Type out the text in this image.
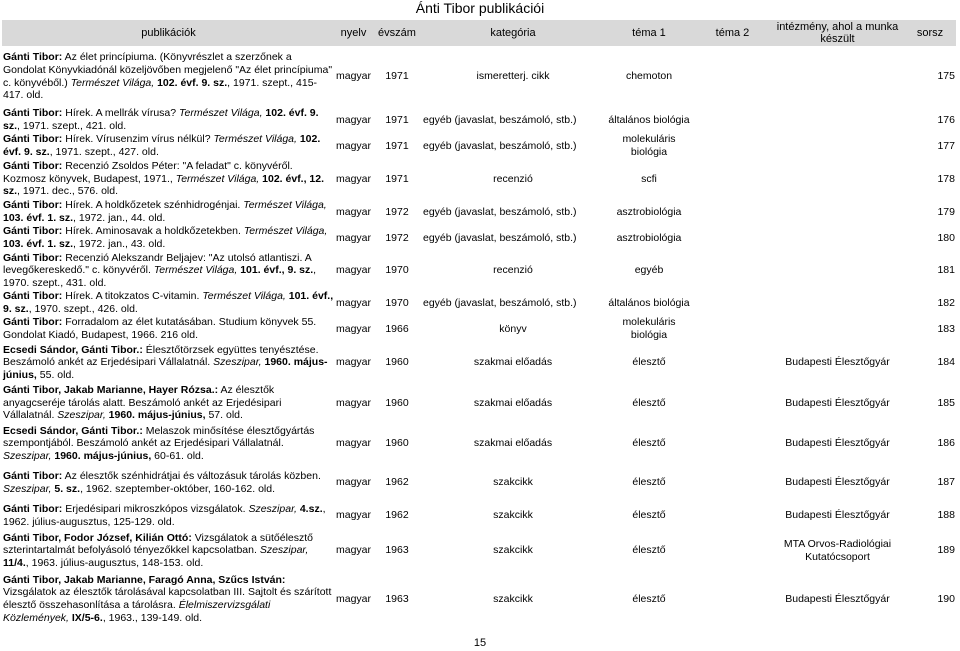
Ánti Tibor publikációi
publikációk	nyelv	évszám	kategória	téma 1	téma 2	intézmény, ahol a munka készült	sorsz
Gánti Tibor: Az élet princípiuma. (Könyvrészlet a szerzőnek a Gondolat Könyvkiadónál közeljövőben megjelenő "Az élet princípiuma" c. könyvéből.) Természet Világa, 102. évf. 9. sz., 1971. szept., 415-417. old.	magyar	1971	ismeretterj. cikk	chemoton			175
Gánti Tibor: Hírek. A mellrák vírusa? Természet Világa, 102. évf. 9. sz., 1971. szept., 421. old.	magyar	1971	egyéb (javaslat, beszámoló, stb.)	általános biológia			176
Gánti Tibor: Hírek. Vírusenzim vírus nélkül? Természet Világa, 102. évf. 9. sz., 1971. szept., 427. old.	magyar	1971	egyéb (javaslat, beszámoló, stb.)	molekuláris biológia			177
Gánti Tibor: Recenzió Zsoldos Péter: "A feladat" c. könyvéről. Kozmosz könyvek, Budapest, 1971., Természet Világa, 102. évf., 12. sz., 1971. dec., 576. old.	magyar	1971	recenzió	scfi			178
Gánti Tibor: Hírek. A holdkőzetek szénhidrogénjai. Természet Világa, 103. évf. 1. sz., 1972. jan., 44. old.	magyar	1972	egyéb (javaslat, beszámoló, stb.)	asztrobiológia			179
Gánti Tibor: Hírek. Aminosavak a holdkőzetekben. Természet Világa, 103. évf. 1. sz., 1972. jan., 43. old.	magyar	1972	egyéb (javaslat, beszámoló, stb.)	asztrobiológia			180
Gánti Tibor: Recenzió Alekszandr Beljajev: "Az utolsó atlantiszi. A levegőkereskedő." c. könyvéről. Természet Világa, 101. évf., 9. sz., 1970. szept., 431. old.	magyar	1970	recenzió	egyéb			181
Gánti Tibor: Hírek. A titokzatos C-vitamin. Természet Világa, 101. évf., 9. sz., 1970. szept., 426. old.	magyar	1970	egyéb (javaslat, beszámoló, stb.)	általános biológia			182
Gánti Tibor: Forradalom az élet kutatásában. Studium könyvek 55. Gondolat Kiadó, Budapest, 1966. 216 old.	magyar	1966	könyv	molekuláris biológia			183
Ecsedi Sándor, Gánti Tibor.: Élesztőtörzsek együttes tenyésztése. Beszámoló ankét az Erjedésipari Vállalatnál. Szeszipar, 1960. május-június, 55. old.	magyar	1960	szakmai előadás	élesztő		Budapesti Élesztőgyár	184
Gánti Tibor, Jakab Marianne, Hayer Rózsa.: Az élesztők anyagcseréje tárolás alatt. Beszámoló ankét az Erjedésipari Vállalatnál. Szeszipar, 1960. május-június, 57. old.	magyar	1960	szakmai előadás	élesztő		Budapesti Élesztőgyár	185
Ecsedi Sándor, Gánti Tibor.: Melaszok minősítése élesztőgyártás szempontjából. Beszámoló ankét az Erjedésipari Vállalatnál. Szeszipar, 1960. május-június, 60-61. old.	magyar	1960	szakmai előadás	élesztő		Budapesti Élesztőgyár	186
Gánti Tibor: Az élesztők szénhidrátjai és változásuk tárolás közben. Szeszipar, 5. sz., 1962. szeptember-október, 160-162. old.	magyar	1962	szakcikk	élesztő		Budapesti Élesztőgyár	187
Gánti Tibor: Erjedésipari mikroszkópos vizsgálatok. Szeszipar, 4.sz., 1962. július-augusztus, 125-129. old.	magyar	1962	szakcikk	élesztő		Budapesti Élesztőgyár	188
Gánti Tibor, Fodor József, Kilián Ottó: Vizsgálatok a sütőélesztő szterintartalmát befolyásoló tényezőkkel kapcsolatban. Szeszipar, 11/4., 1963. július-augusztus, 148-153. old.	magyar	1963	szakcikk	élesztő		MTA Orvos-Radiológiai Kutatócsoport	189
Gánti Tibor, Jakab Marianne, Faragó Anna, Szűcs István: Vizsgálatok az élesztők tárolásával kapcsolatban III. Sajtolt és szárított élesztő összehasonlítása a tárolásra. Élelmiszervizsgálati Közlemények, IX/5-6., 1963., 139-149. old.	magyar	1963	szakcikk	élesztő		Budapesti Élesztőgyár	190
15
